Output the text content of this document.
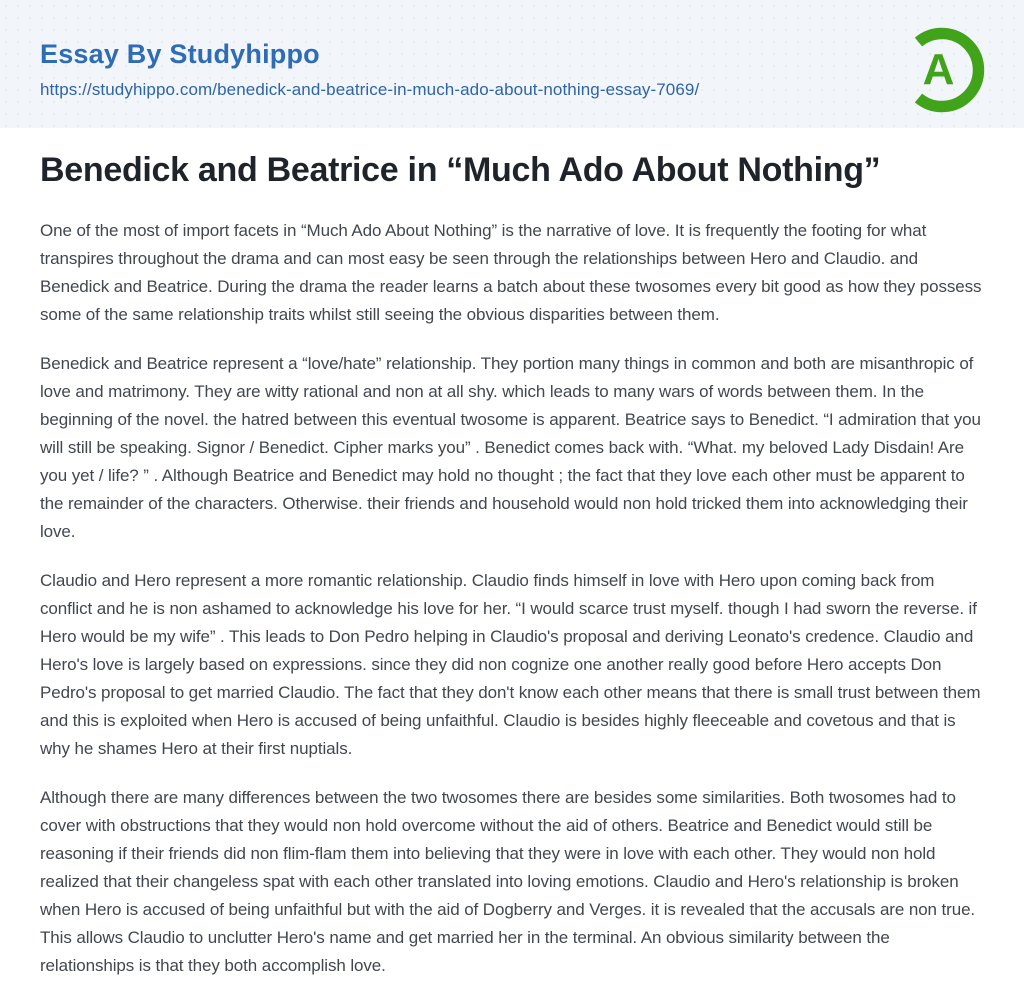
Essay By Studyhippo
https://studyhippo.com/benedick-and-beatrice-in-much-ado-about-nothing-essay-7069/	A
Benedick and Beatrice in “Much Ado About Nothing”

One of the most of import facets in “Much Ado About Nothing” is the narrative of love. It is frequently the footing for what transpires throughout the drama and can most easy be seen through the relationships between Hero and Claudio. and Benedick and Beatrice. During the drama the reader learns a batch about these twosomes every bit good as how they possess some of the same relationship traits whilst still seeing the obvious disparities between them.

Benedick and Beatrice represent a “love/hate” relationship. They portion many things in common and both are misanthropic of love and matrimony. They are witty rational and non at all shy. which leads to many wars of words between them. In the beginning of the novel. the hatred between this eventual twosome is apparent. Beatrice says to Benedict. “I admiration that you will still be speaking. Signor / Benedict. Cipher marks you” . Benedict comes back with. “What. my beloved Lady Disdain! Are you yet / life? ” . Although Beatrice and Benedict may hold no thought ; the fact that they love each other must be apparent to the remainder of the characters. Otherwise. their friends and household would non hold tricked them into acknowledging their love.

Claudio and Hero represent a more romantic relationship. Claudio finds himself in love with Hero upon coming back from conflict and he is non ashamed to acknowledge his love for her. “I would scarce trust myself. though I had sworn the reverse. if Hero would be my wife” . This leads to Don Pedro helping in Claudio's proposal and deriving Leonato's credence. Claudio and Hero's love is largely based on expressions. since they did non cognize one another really good before Hero accepts Don Pedro's proposal to get married Claudio. The fact that they don't know each other means that there is small trust between them and this is exploited when Hero is accused of being unfaithful. Claudio is besides highly fleeceable and covetous and that is why he shames Hero at their first nuptials.

Although there are many differences between the two twosomes there are besides some similarities. Both twosomes had to cover with obstructions that they would non hold overcome without the aid of others. Beatrice and Benedict would still be reasoning if their friends did non flim-flam them into believing that they were in love with each other. They would non hold realized that their changeless spat with each other translated into loving emotions. Claudio and Hero's relationship is broken when Hero is accused of being unfaithful but with the aid of Dogberry and Verges. it is revealed that the accusals are non true. This allows Claudio to unclutter Hero's name and get married her in the terminal. An obvious similarity between the relationships is that they both accomplish love.
